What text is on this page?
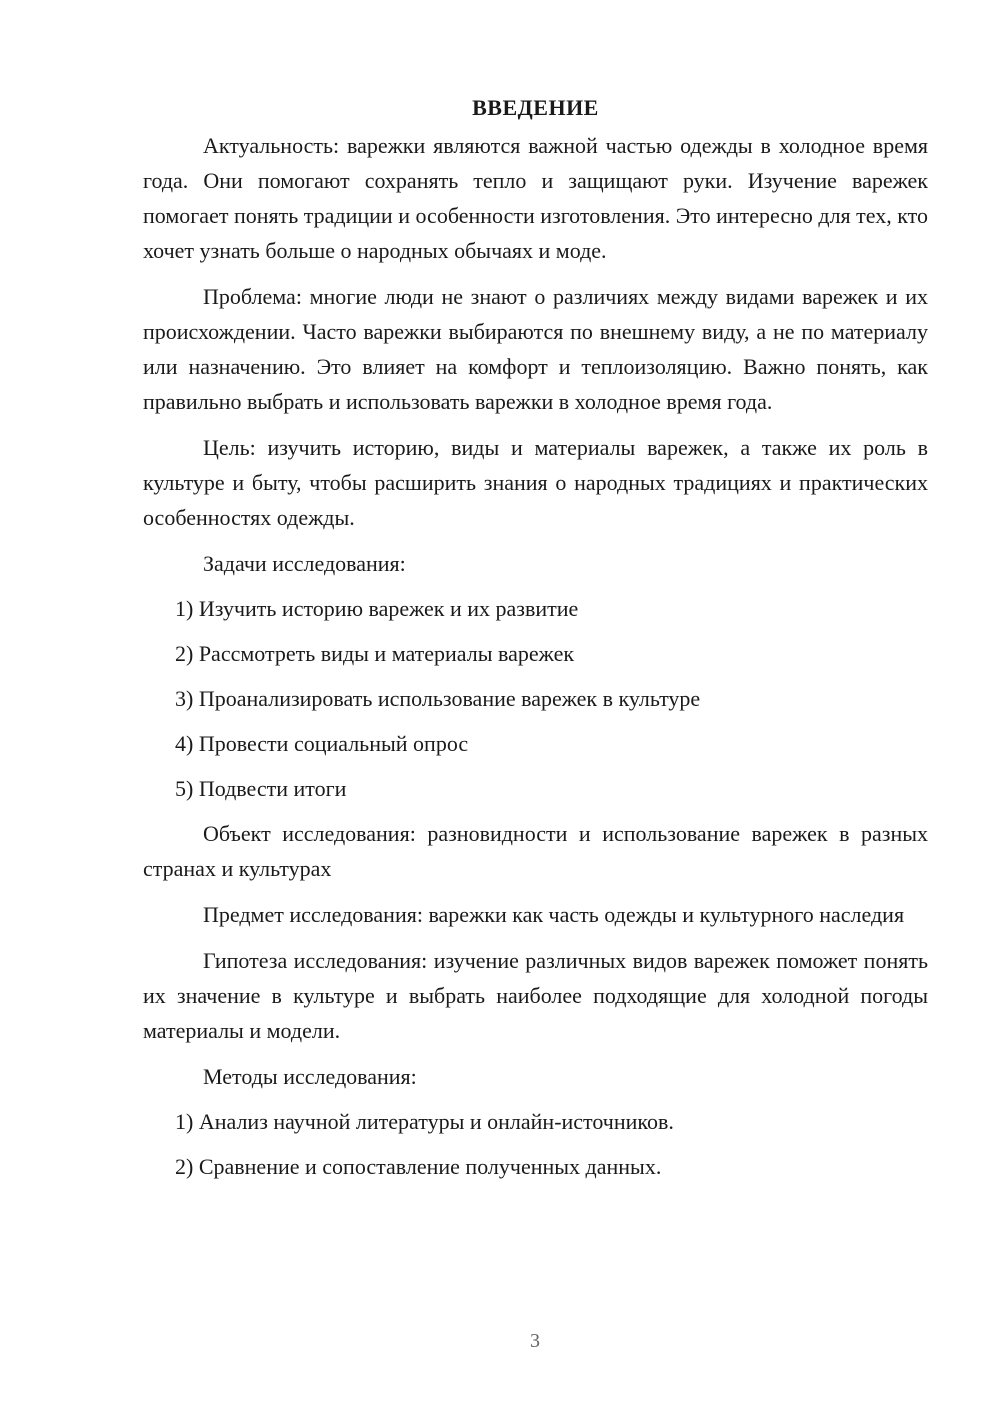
ВВЕДЕНИЕ

Актуальность: варежки являются важной частью одежды в холодное время года. Они помогают сохранять тепло и защищают руки. Изучение варежек помогает понять традиции и особенности изготовления. Это интересно для тех, кто хочет узнать больше о народных обычаях и моде.

Проблема: многие люди не знают о различиях между видами варежек и их происхождении. Часто варежки выбираются по внешнему виду, а не по материалу или назначению. Это влияет на комфорт и теплоизоляцию. Важно понять, как правильно выбрать и использовать варежки в холодное время года.

Цель: изучить историю, виды и материалы варежек, а также их роль в культуре и быту, чтобы расширить знания о народных традициях и практических особенностях одежды.

Задачи исследования:
1) Изучить историю варежек и их развитие
2) Рассмотреть виды и материалы варежек
3) Проанализировать использование варежек в культуре
4) Провести социальный опрос
5) Подвести итоги

Объект исследования: разновидности и использование варежек в разных странах и культурах

Предмет исследования: варежки как часть одежды и культурного наследия

Гипотеза исследования: изучение различных видов варежек поможет понять их значение в культуре и выбрать наиболее подходящие для холодной погоды материалы и модели.

Методы исследования:
1) Анализ научной литературы и онлайн-источников.
2) Сравнение и сопоставление полученных данных.
3
